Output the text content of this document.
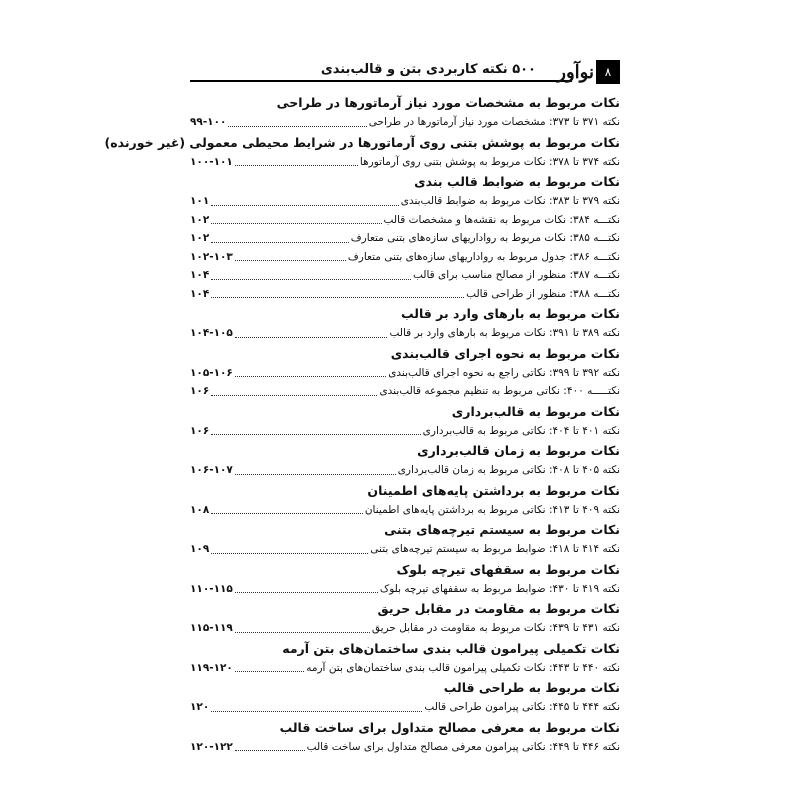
۵۰۰ نکته کاربردی بتن و قالب‌بندی نوآور ۸
نکات مربوط به مشخصات مورد نیاز آرماتورها در طراحی
نکته ۳۷۱ تا ۳۷۳: مشخصات مورد نیاز آرماتورها در طراحی
۹۹-۱۰۰
نکات مربوط به پوشش بتنی روی آرماتورها در شرایط محیطی معمولی (غیر خورنده)
نکته ۳۷۴ تا ۳۷۸: نکات مربوط به پوشش بتنی روی آرماتورها
۱۰۰-۱۰۱
نکات مربوط به ضوابط قالب بندی
نکته ۳۷۹ تا ۳۸۳: نکات مربوط به ضوابط قالب‌بندی
۱۰۱
نکتـــه ۳۸۴: نکات مربوط به نقشه‌ها و مشخصات قالب
۱۰۲
نکتـــه ۳۸۵: نکات مربوط به رواداریهای سازه‌های بتنی متعارف
۱۰۲
نکتـــه ۳۸۶: جدول مربوط به رواداریهای سازه‌های بتنی متعارف
۱۰۲-۱۰۳
نکتـــه ۳۸۷: منظور از مصالح مناسب برای قالب
۱۰۴
نکتـــه ۳۸۸: منظور از طراحی قالب
۱۰۴
نکات مربوط به بارهای وارد بر قالب
نکته ۳۸۹ تا ۳۹۱: نکات مربوط به بارهای وارد بر قالب
۱۰۴-۱۰۵
نکات مربوط به نحوه اجرای قالب‌بندی
نکته ۳۹۲ تا ۳۹۹: نکاتی راجع به نحوه اجرای قالب‌بندی
۱۰۵-۱۰۶
نکتـــــه ۴۰۰: نکاتی مربوط به تنظیم مجموعه قالب‌بندی
۱۰۶
نکات مربوط به قالب‌برداری
نکته ۴۰۱ تا ۴۰۴: نکاتی مربوط به قالب‌برداری
۱۰۶
نکات مربوط به زمان قالب‌برداری
نکته ۴۰۵ تا ۴۰۸: نکاتی مربوط به زمان قالب‌برداری
۱۰۶-۱۰۷
نکات مربوط به برداشتن پایه‌های اطمینان
نکته ۴۰۹ تا ۴۱۳: نکاتی مربوط به برداشتن پایه‌های اطمینان
۱۰۸
نکات مربوط به سیستم تیرچه‌های بتنی
نکته ۴۱۴ تا ۴۱۸: ضوابط مربوط به سیستم تیرچه‌های بتنی
۱۰۹
نکات مربوط به سقفهای تیرچه بلوک
نکته ۴۱۹ تا ۴۳۰: ضوابط مربوط به سقفهای تیرچه بلوک
۱۱۰-۱۱۵
نکات مربوط به مقاومت در مقابل حریق
نکته ۴۳۱ تا ۴۳۹: نکات مربوط به مقاومت در مقابل حریق
۱۱۵-۱۱۹
نکات تکمیلی پیرامون قالب بندی ساختمان‌های بتن آرمه
نکته ۴۴۰ تا ۴۴۳: نکات تکمیلی پیرامون قالب بندی ساختمان‌های بتن آرمه
۱۱۹-۱۲۰
نکات مربوط به طراحی قالب
نکته ۴۴۴ تا ۴۴۵: نکاتی پیرامون طراحی قالب
۱۲۰
نکات مربوط به معرفی مصالح متداول برای ساخت قالب
نکته ۴۴۶ تا ۴۴۹: نکاتی پیرامون معرفی مصالح متداول برای ساخت قالب
۱۲۰-۱۲۲
